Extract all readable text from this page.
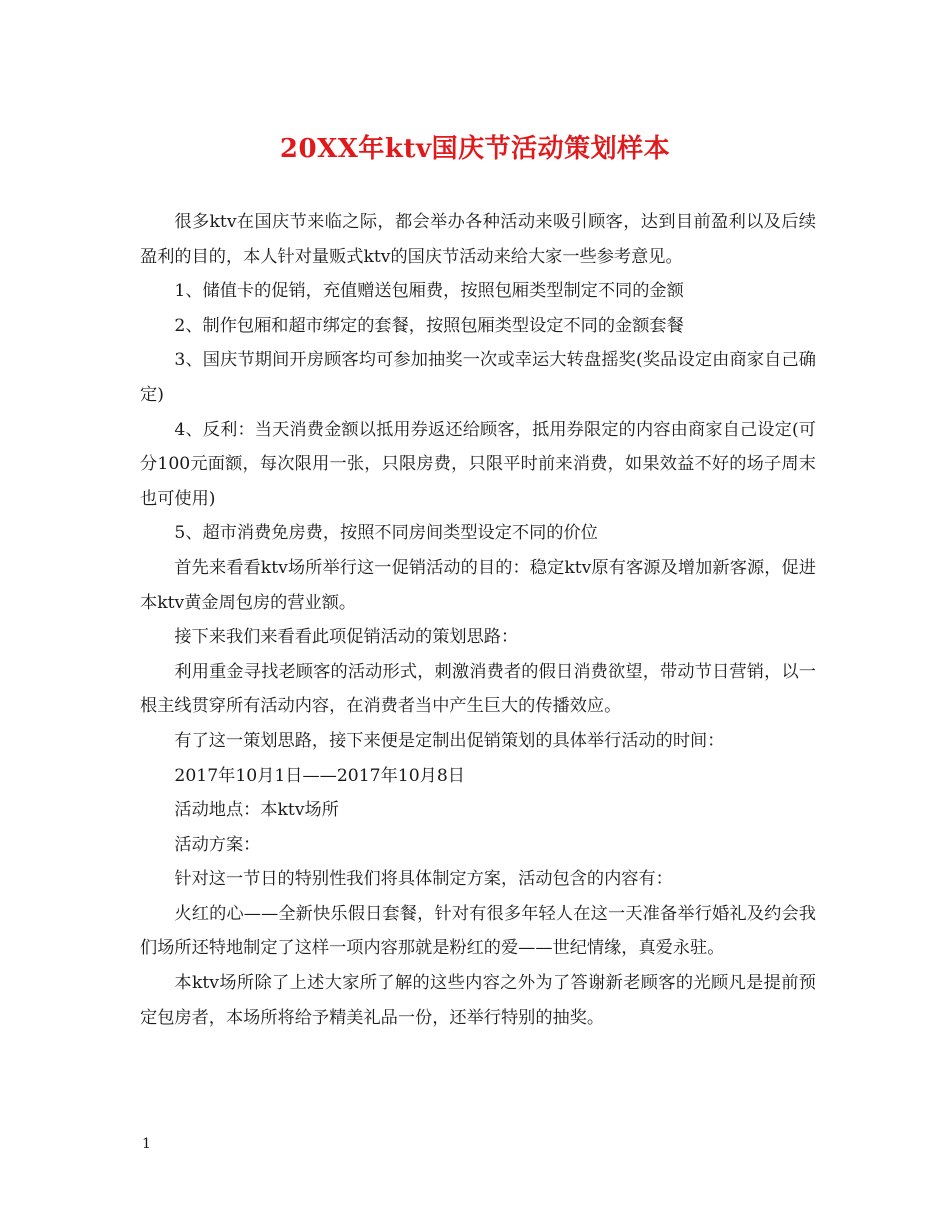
20XX年ktv国庆节活动策划样本

很多ktv在国庆节来临之际，都会举办各种活动来吸引顾客，达到目前盈利以及后续盈利的目的，本人针对量贩式ktv的国庆节活动来给大家一些参考意见。

1、储值卡的促销，充值赠送包厢费，按照包厢类型制定不同的金额

2、制作包厢和超市绑定的套餐，按照包厢类型设定不同的金额套餐

3、国庆节期间开房顾客均可参加抽奖一次或幸运大转盘摇奖(奖品设定由商家自己确定)

4、反利：当天消费金额以抵用券返还给顾客，抵用券限定的内容由商家自己设定(可分100元面额，每次限用一张，只限房费，只限平时前来消费，如果效益不好的场子周末也可使用)

5、超市消费免房费，按照不同房间类型设定不同的价位

首先来看看ktv场所举行这一促销活动的目的：稳定ktv原有客源及增加新客源，促进本ktv黄金周包房的营业额。

接下来我们来看看此项促销活动的策划思路：

利用重金寻找老顾客的活动形式，刺激消费者的假日消费欲望，带动节日营销，以一根主线贯穿所有活动内容，在消费者当中产生巨大的传播效应。

有了这一策划思路，接下来便是定制出促销策划的具体举行活动的时间：

2017年10月1日——2017年10月8日

活动地点：本ktv场所

活动方案：

针对这一节日的特别性我们将具体制定方案，活动包含的内容有：

火红的心——全新快乐假日套餐，针对有很多年轻人在这一天准备举行婚礼及约会我们场所还特地制定了这样一项内容那就是粉红的爱——世纪情缘，真爱永驻。

本ktv场所除了上述大家所了解的这些内容之外为了答谢新老顾客的光顾凡是提前预定包房者，本场所将给予精美礼品一份，还举行特别的抽奖。

1
